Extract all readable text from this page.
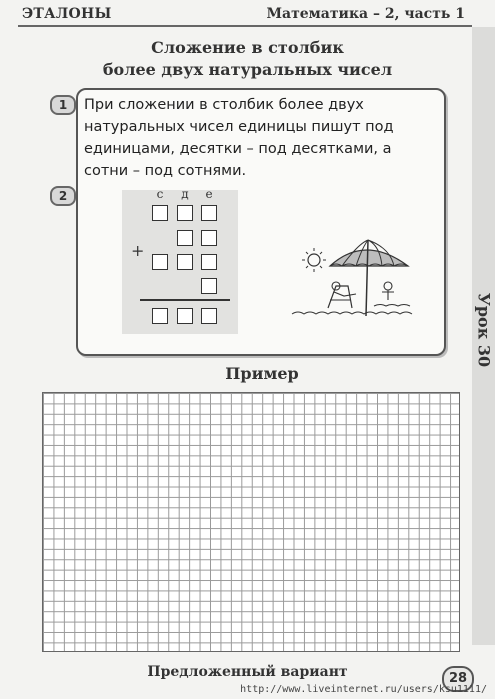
ЭТАЛОНЫ	Математика – 2, часть 1
Сложение в столбик
более двух натуральных чисел
1
2
При сложении в столбик более двух натуральных чисел единицы пишут под единицами, десятки – под десятками, а сотни – под сотнями.
с	д	е
+
Урок 30
Пример
Предложенный вариант	28
http://www.liveinternet.ru/users/ksu1111/
